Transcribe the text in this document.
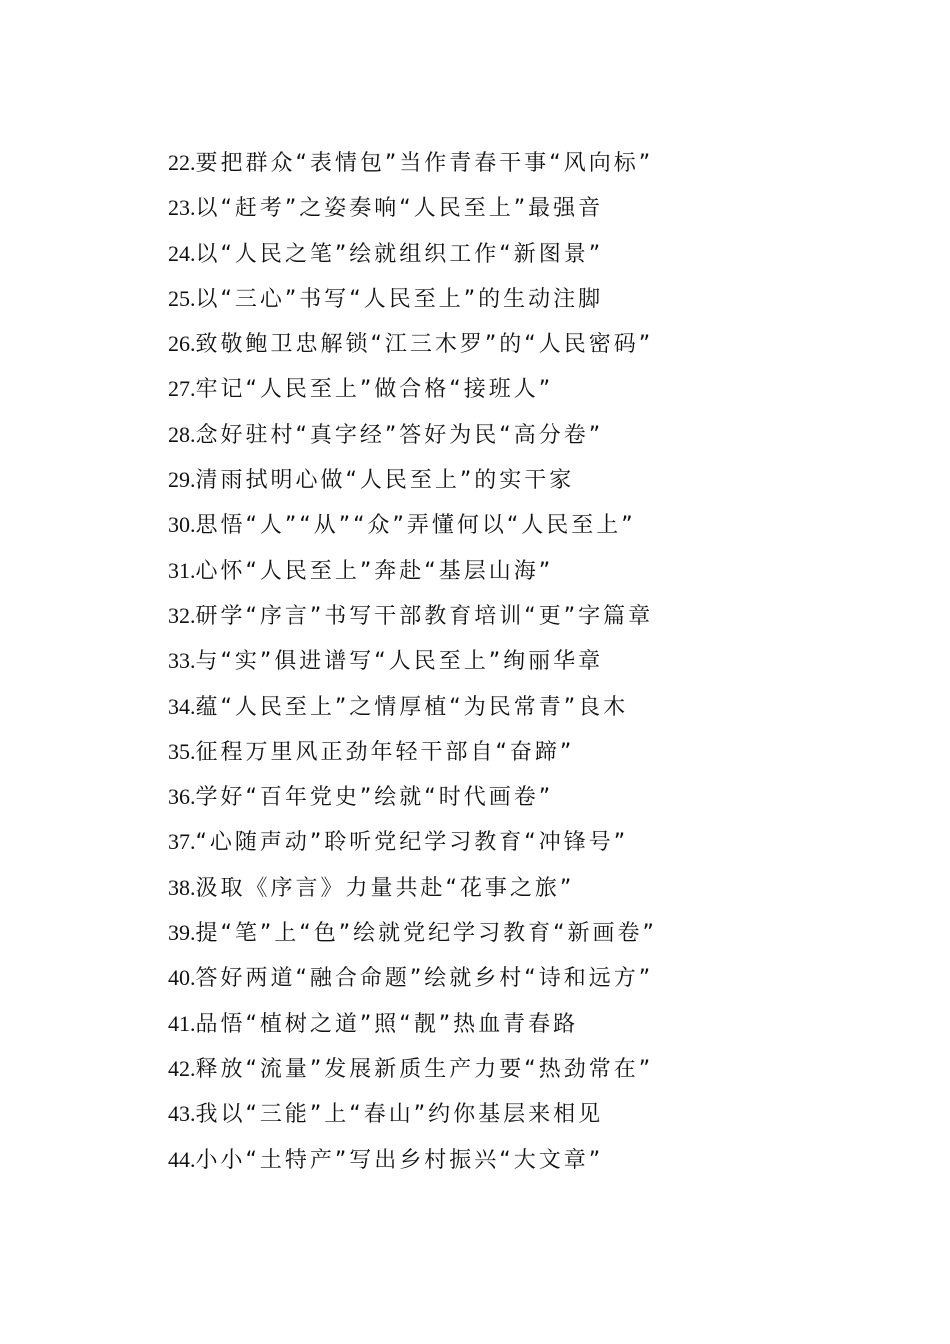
22.要把群众“表情包”当作青春干事“风向标”
23.以“赶考”之姿奏响“人民至上”最强音
24.以“人民之笔”绘就组织工作“新图景”
25.以“三心”书写“人民至上”的生动注脚
26.致敬鲍卫忠解锁“江三木罗”的“人民密码”
27.牢记“人民至上”做合格“接班人”
28.念好驻村“真字经”答好为民“高分卷”
29.清雨拭明心做“人民至上”的实干家
30.思悟“人”“从”“众”弄懂何以“人民至上”
31.心怀“人民至上”奔赴“基层山海”
32.研学“序言”书写干部教育培训“更”字篇章
33.与“实”俱进谱写“人民至上”绚丽华章
34.蕴“人民至上”之情厚植“为民常青”良木
35.征程万里风正劲年轻干部自“奋蹄”
36.学好“百年党史”绘就“时代画卷”
37.“心随声动”聆听党纪学习教育“冲锋号”
38.汲取《序言》力量共赴“花事之旅”
39.提“笔”上“色”绘就党纪学习教育“新画卷”
40.答好两道“融合命题”绘就乡村“诗和远方”
41.品悟“植树之道”照“靓”热血青春路
42.释放“流量”发展新质生产力要“热劲常在”
43.我以“三能”上“春山”约你基层来相见
44.小小“土特产”写出乡村振兴“大文章”
